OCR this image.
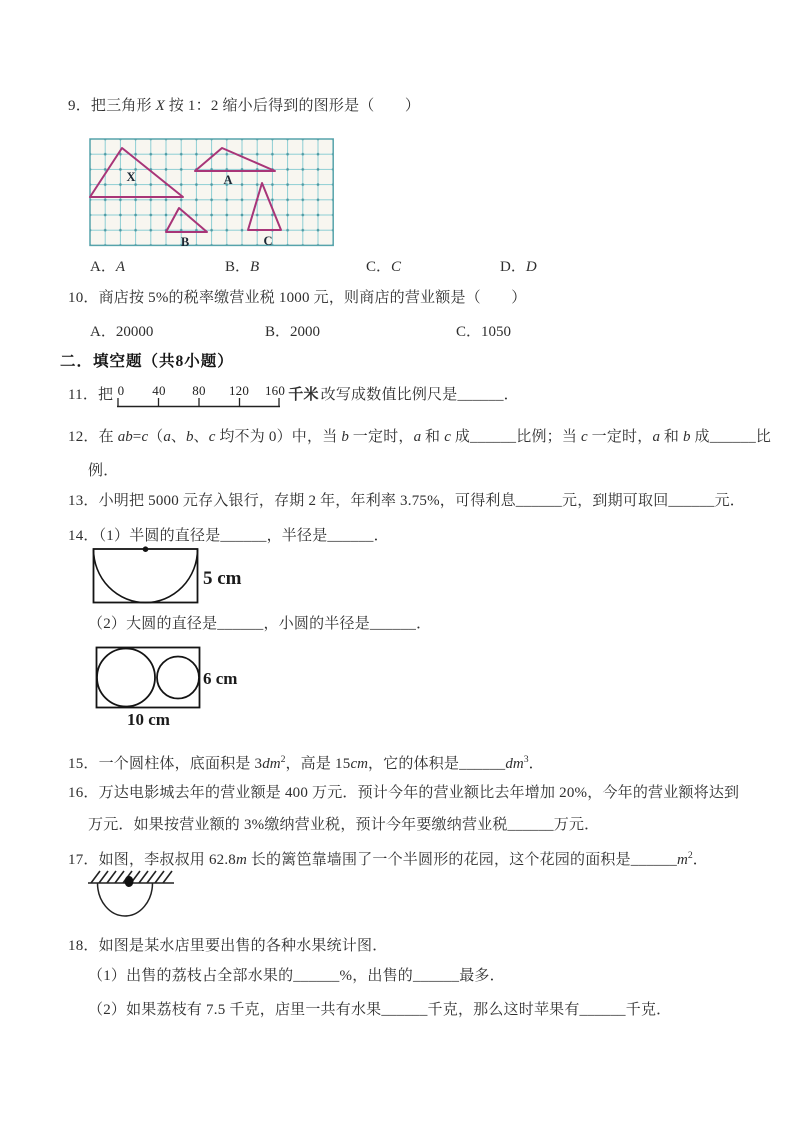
9．把三角形 X 按 1：2 缩小后得到的图形是（　　）
X	A
B	C
A．A	B．B	C．C	D．D
10．商店按 5%的税率缴营业税 1000 元，则商店的营业额是（　　）
A．20000	B．2000	C．1050
二．填空题（共8小题）
11．把 0 40 80 120 160 千米 改写成数值比例尺是______．
12．在 ab=c（a、b、c 均不为 0）中，当 b 一定时，a 和 c 成______比例；当 c 一定时，a 和 b 成______比
例．
13．小明把 5000 元存入银行，存期 2 年，年利率 3.75%，可得利息______元，到期可取回______元．
14．（1）半圆的直径是______，半径是______．
5 cm
（2）大圆的直径是______，小圆的半径是______．
6 cm
10 cm
15．一个圆柱体，底面积是 $3dm^2$，高是 15cm，它的体积是$\_\_\_\_\_\_dm^3$．
16．万达电影城去年的营业额是 400 万元．预计今年的营业额比去年增加 20%，今年的营业额将达到
万元．如果按营业额的 3%缴纳营业税，预计今年要缴纳营业税______万元．
17．如图，李叔叔用 62.8m 长的篱笆靠墙围了一个半圆形的花园，这个花园的面积是$\_\_\_\_\_\_m^2$．
18．如图是某水店里要出售的各种水果统计图．
（1）出售的荔枝占全部水果的______%，出售的______最多．
（2）如果荔枝有 7.5 千克，店里一共有水果______千克，那么这时苹果有______千克．
